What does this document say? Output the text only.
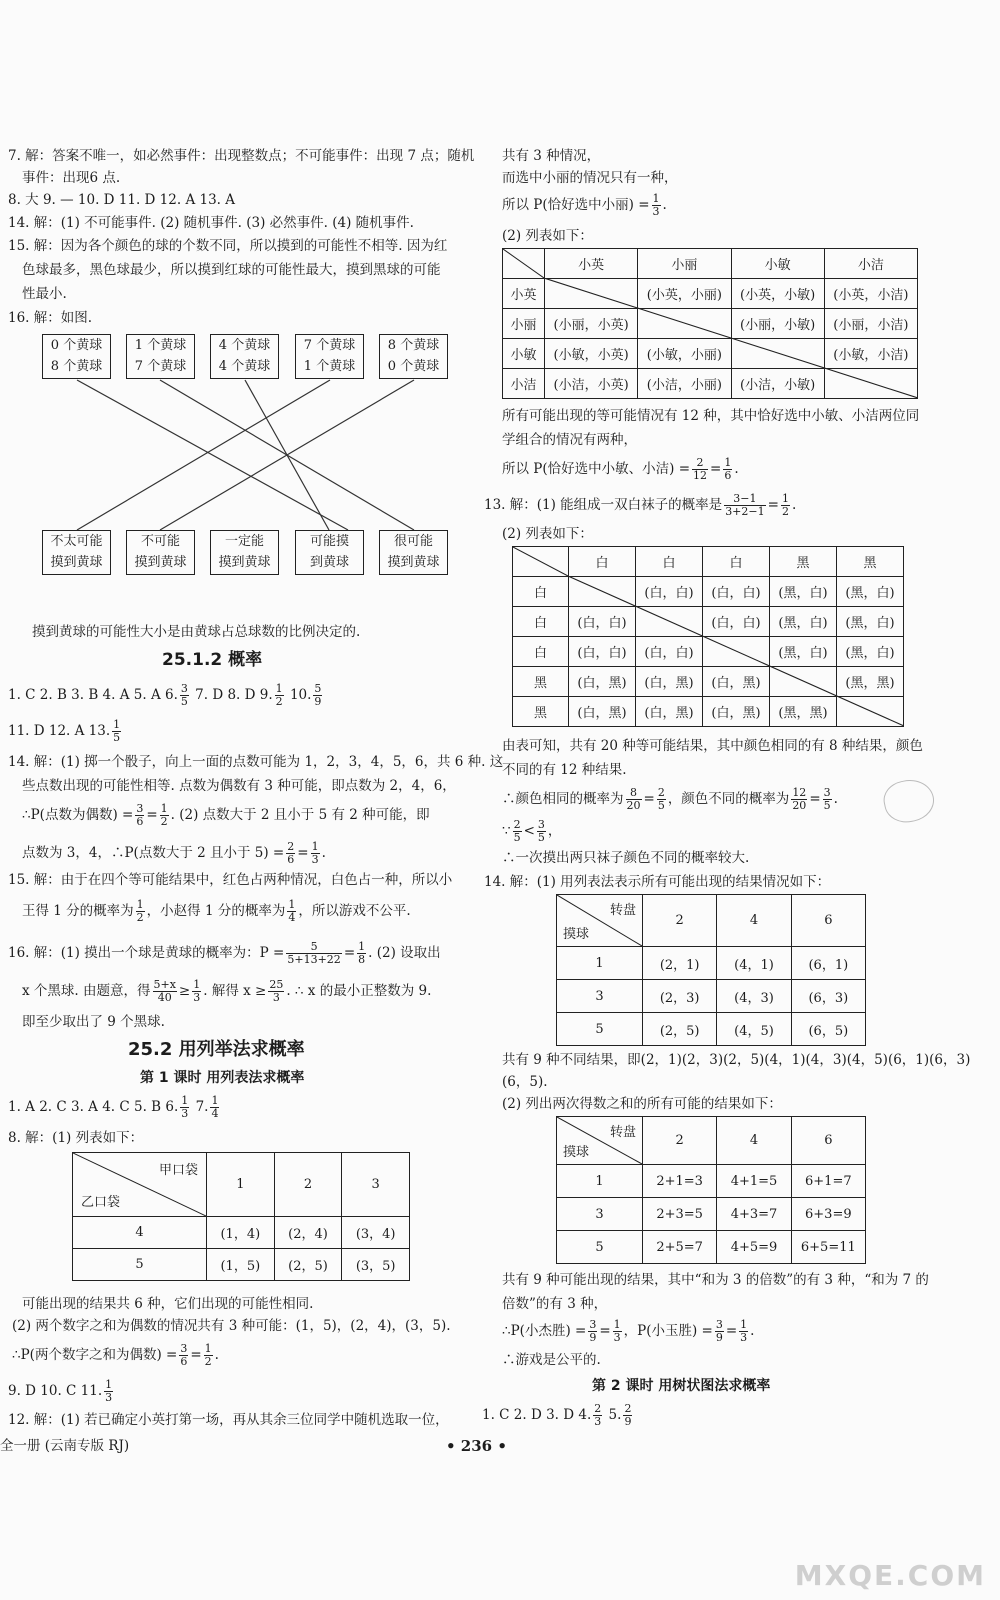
7. 解：答案不唯一，如必然事件：出现整数点；不可能事件：出现 7 点；随机
事件：出现6 点.
8. 大 9. — 10. D 11. D 12. A 13. A
14. 解：(1) 不可能事件. (2) 随机事件. (3) 必然事件. (4) 随机事件.
15. 解：因为各个颜色的球的个数不同，所以摸到的可能性不相等. 因为红
色球最多，黑色球最少，所以摸到红球的可能性最大，摸到黑球的可能
性最小.
16. 解：如图.
0 个黄球
8 个黄球
1 个黄球
7 个黄球
4 个黄球
4 个黄球
7 个黄球
1 个黄球
8 个黄球
0 个黄球
不太可能
摸到黄球
不可能
摸到黄球
一定能
摸到黄球
可能摸
到黄球
很可能
摸到黄球
摸到黄球的可能性大小是由黄球占总球数的比例决定的.
25.1.2 概率
1. C 2. B 3. B 4. A 5. A 6. $\frac{3}{5} 7$. D 8. D 9. $\frac{1}{2} 10$. $\frac{5}{9}$
11. D 12. A 13. $\frac{1}{5}$
14. 解：(1) 掷一个骰子，向上一面的点数可能为 1，2，3，4，5，6，共 6 种. 这
些点数出现的可能性相等. 点数为偶数有 3 种可能，即点数为 2，4，6，
∴P(点数为偶数) = $\frac{3}{6} = \frac{1}{2}$ . (2) 点数大于 2 且小于 5 有 2 种可能，即
点数为 3，4，∴P(点数大于 2 且小于 $5) = \frac{2}{6} = \frac{1}{3}$ .
15. 解：由于在四个等可能结果中，红色占两种情况，白色占一种，所以小
王得 1 分的概率为 $\frac{1}{2}$ ，小赵得 1 分的概率为 $\frac{1}{4}$ ，所以游戏不公平.
16. 解：(1) 摸出一个球是黄球的概率为：$P = \frac{5}{5+13+22} = \frac{1}{8}$ . (2) 设取出
x 个黑球. 由题意，得 $\frac{5+x}{40} \ge \frac{1}{3}$ . 解得 $x \ge \frac{25}{3}$ . ∴ x 的最小正整数为 9.
即至少取出了 9 个黑球.
25.2 用列举法求概率
第 1 课时 用列表法求概率
1. A 2. C 3. A 4. C 5. B 6. $\frac{1}{3} 7$. $\frac{1}{4}$
8. 解：(1) 列表如下：
甲口袋
乙口袋	1	2	3
4	(1，4)	(2，4)	(3，4)
5	(1，5)	(2，5)	(3，5)
可能出现的结果共 6 种，它们出现的可能性相同.
(2) 两个数字之和为偶数的情况共有 3 种可能：(1，5)，(2，4)，(3，5).
∴P(两个数字之和为偶数) = $\frac{3}{6} = \frac{1}{2}$ .
9. D 10. C 11. $\frac{1}{3}$
12. 解：(1) 若已确定小英打第一场，再从其余三位同学中随机选取一位，
全一册 (云南专版 RJ)
共有 3 种情况，
而选中小丽的情况只有一种，
所以 P(恰好选中小丽) = $\frac{1}{3}$ .
(2) 列表如下：
	小英	小丽	小敏	小洁
小英		(小英，小丽)	(小英，小敏)	(小英，小洁)
小丽	(小丽，小英)		(小丽，小敏)	(小丽，小洁)
小敏	(小敏，小英)	(小敏，小丽)		(小敏，小洁)
小洁	(小洁，小英)	(小洁，小丽)	(小洁，小敏)	
所有可能出现的等可能情况有 12 种，其中恰好选中小敏、小洁两位同
学组合的情况有两种，
所以 P(恰好选中小敏、小洁) = $\frac{2}{12} = \frac{1}{6}$ .
13. 解：(1) 能组成一双白袜子的概率是 $\frac{3-1}{3+2-1} = \frac{1}{2}$ .
(2) 列表如下：
	白	白	白	黑	黑
白		(白，白)	(白，白)	(黑，白)	(黑，白)
白	(白，白)		(白，白)	(黑，白)	(黑，白)
白	(白，白)	(白，白)		(黑，白)	(黑，白)
黑	(白，黑)	(白，黑)	(白，黑)		(黑，黑)
黑	(白，黑)	(白，黑)	(白，黑)	(黑，黑)	
由表可知，共有 20 种等可能结果，其中颜色相同的有 8 种结果，颜色
不同的有 12 种结果.
∴颜色相同的概率为 $\frac{8}{20} = \frac{2}{5}$ ，颜色不同的概率为 $\frac{12}{20} = \frac{3}{5}$ .
∵ $\frac{2}{5} < \frac{3}{5}$ ，
∴一次摸出两只袜子颜色不同的概率较大.
14. 解：(1) 用列表法表示所有可能出现的结果情况如下：
转盘
摸球	2	4	6
1	(2，1)	(4，1)	(6，1)
3	(2，3)	(4，3)	(6，3)
5	(2，5)	(4，5)	(6，5)
共有 9 种不同结果，即(2，1)(2，3)(2，5)(4，1)(4，3)(4，5)(6，1)(6，3)
(6，5).
(2) 列出两次得数之和的所有可能的结果如下：
转盘
摸球	2	4	6
1	2+1=3	4+1=5	6+1=7
3	2+3=5	4+3=7	6+3=9
5	2+5=7	4+5=9	6+5=11
共有 9 种可能出现的结果，其中“和为 3 的倍数”的有 3 种，“和为 7 的
倍数”的有 3 种，
∴P(小杰胜) = $\frac{3}{9} = \frac{1}{3}$ ，P(小玉胜) = $\frac{3}{9} = \frac{1}{3}$ .
∴游戏是公平的.
第 2 课时 用树状图法求概率
1. C 2. D 3. D 4. $\frac{2}{3} 5$. $\frac{2}{9}$
• 236 •
MXQE.COM
